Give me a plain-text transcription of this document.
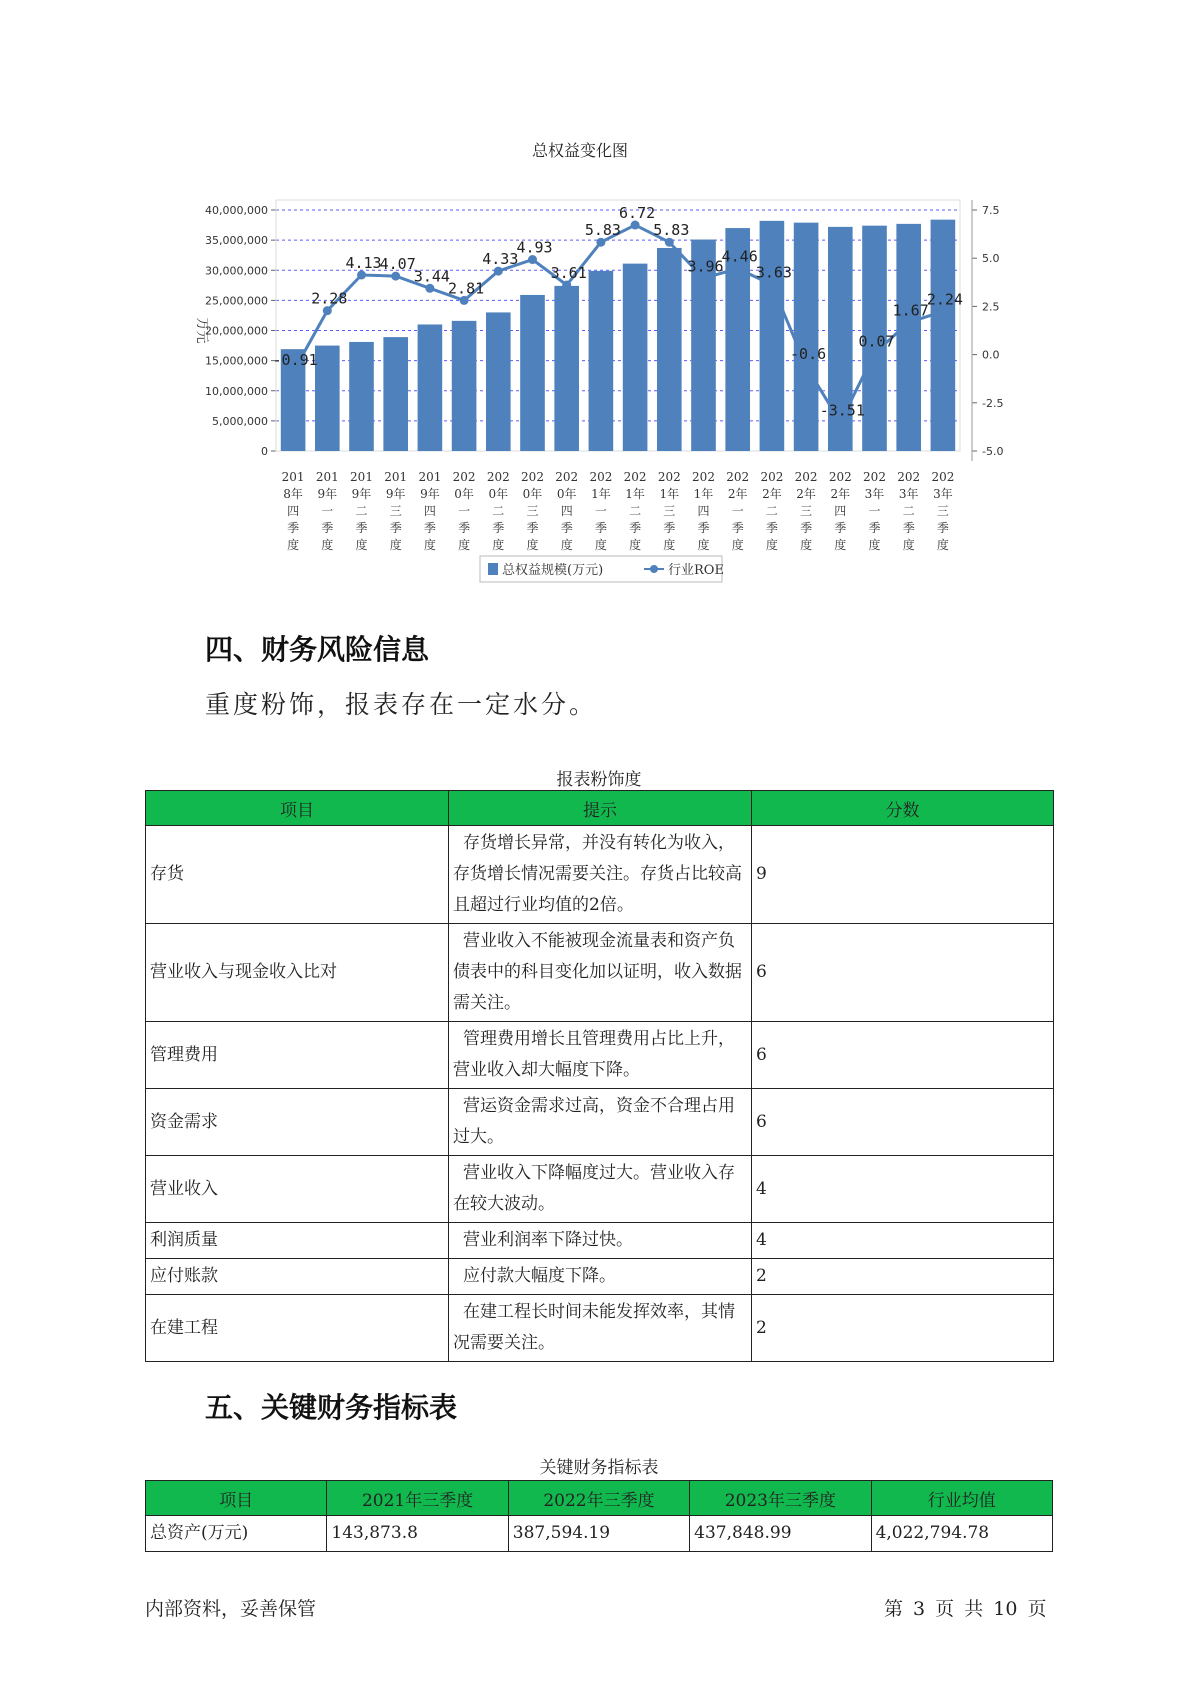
总权益变化图
0
5,000,000
10,000,000
15,000,000
20,000,000
25,000,000
30,000,000
35,000,000
40,000,000
-5.0
-2.5
0.0
2.5
5.0
7.5
万元
-0.91
2.28
4.13
4.07
3.44
2.81
4.33
4.93
3.61
5.83
6.72
5.83
3.96
4.46
3.63
-0.6
-3.51
0.07
1.67
2.24
201
8年
四
季
度
201
9年
一
季
度
201
9年
二
季
度
201
9年
三
季
度
201
9年
四
季
度
202
0年
一
季
度
202
0年
二
季
度
202
0年
三
季
度
202
0年
四
季
度
202
1年
一
季
度
202
1年
二
季
度
202
1年
三
季
度
202
1年
四
季
度
202
2年
一
季
度
202
2年
二
季
度
202
2年
三
季
度
202
2年
四
季
度
202
3年
一
季
度
202
3年
二
季
度
202
3年
三
季
度
总权益规模(万元)	行业ROE
四、财务风险信息

重度粉饰，报表存在一定水分。

报表粉饰度

项目	提示	分数
存货	存货增长异常，并没有转化为收入，存货增长情况需要关注。存货占比较高且超过行业均值的2倍。	9
营业收入与现金收入比对	营业收入不能被现金流量表和资产负债表中的科目变化加以证明，收入数据需关注。	6
管理费用	管理费用增长且管理费用占比上升，营业收入却大幅度下降。	6
资金需求	营运资金需求过高，资金不合理占用过大。	6
营业收入	营业收入下降幅度过大。营业收入存在较大波动。	4
利润质量	营业利润率下降过快。	4
应付账款	应付款大幅度下降。	2
在建工程	在建工程长时间未能发挥效率，其情况需要关注。	2
五、关键财务指标表

关键财务指标表

项目	2021年三季度	2022年三季度	2023年三季度	行业均值
总资产(万元)	143,873.8	387,594.19	437,848.99	4,022,794.78
内部资料，妥善保管	第 3 页 共 10 页
